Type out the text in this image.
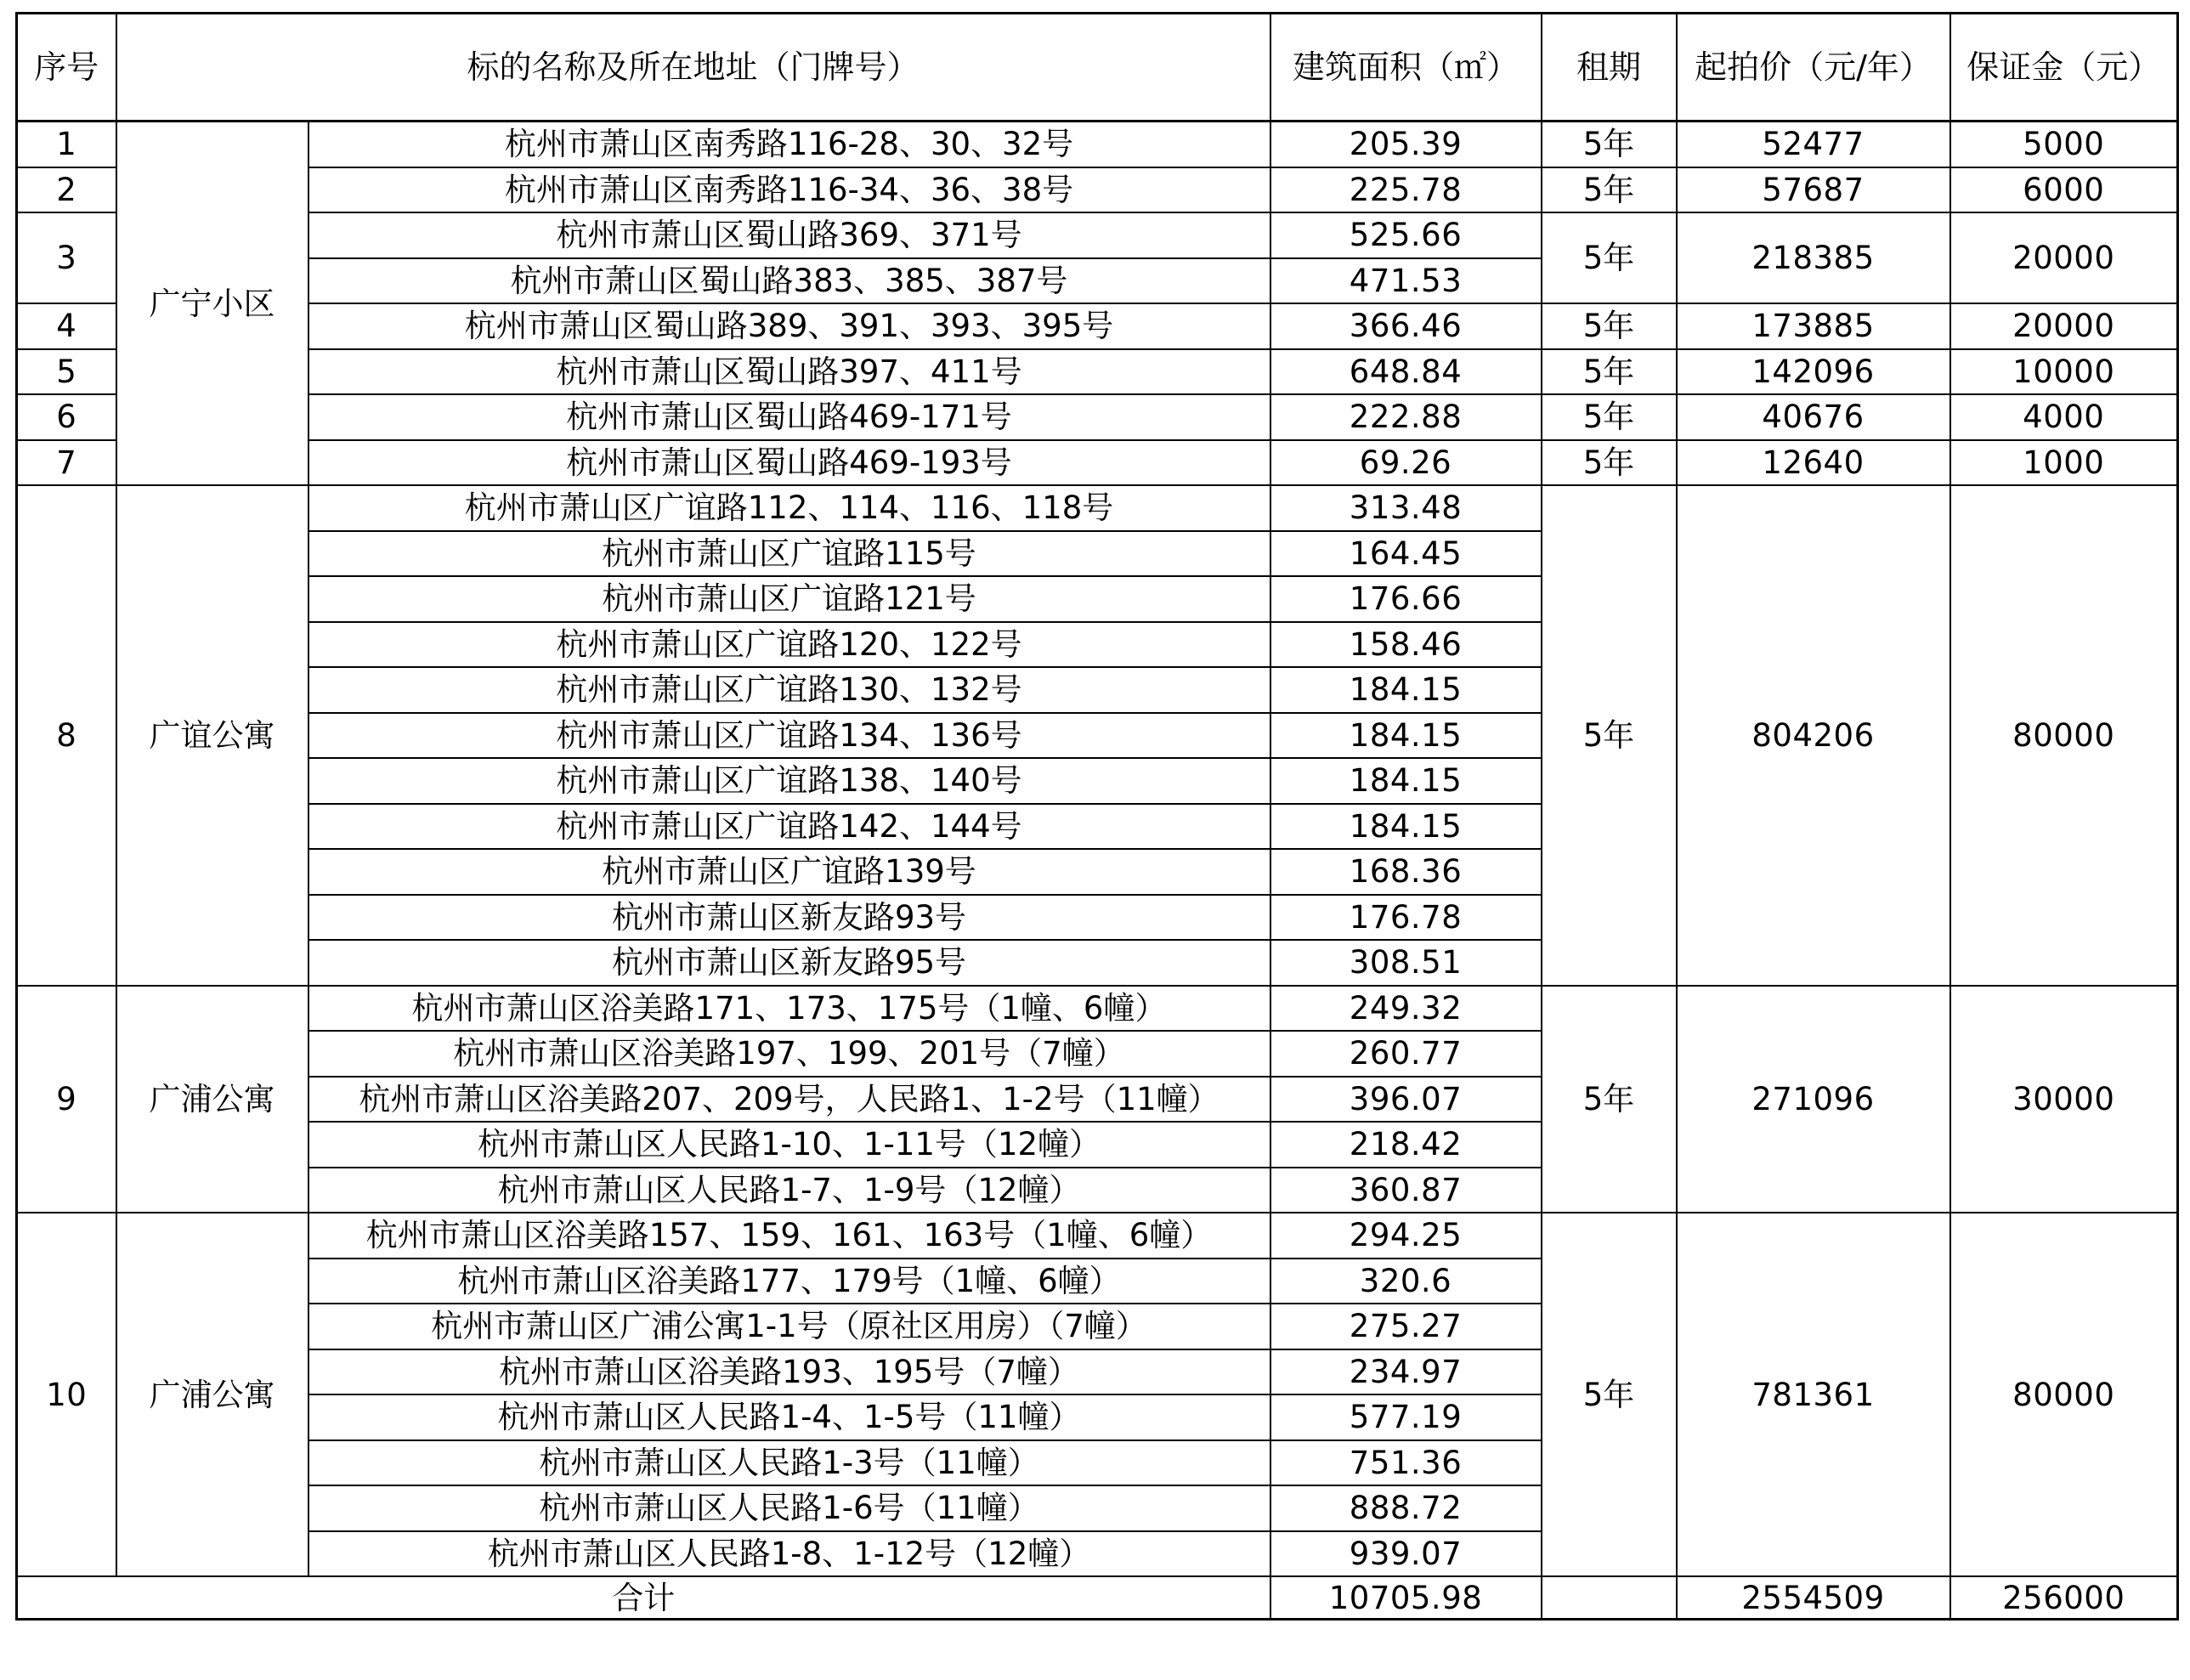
序号	标的名称及所在地址（门牌号）		建筑面积（㎡）	租期	起拍价（元/年）	保证金（元）
1	广宁小区	杭州市萧山区南秀路116-28、30、32号	205.39	5年	52477	5000
2		杭州市萧山区南秀路116-34、36、38号	225.78	5年	57687	6000
3		杭州市萧山区蜀山路369、371号	525.66	5年	218385	20000
		杭州市萧山区蜀山路383、385、387号	471.53			
4		杭州市萧山区蜀山路389、391、393、395号	366.46	5年	173885	20000
5		杭州市萧山区蜀山路397、411号	648.84	5年	142096	10000
6		杭州市萧山区蜀山路469-171号	222.88	5年	40676	4000
7		杭州市萧山区蜀山路469-193号	69.26	5年	12640	1000
8	广谊公寓	杭州市萧山区广谊路112、114、116、118号	313.48	5年	804206	80000
		杭州市萧山区广谊路115号	164.45			
		杭州市萧山区广谊路121号	176.66			
		杭州市萧山区广谊路120、122号	158.46			
		杭州市萧山区广谊路130、132号	184.15			
		杭州市萧山区广谊路134、136号	184.15			
		杭州市萧山区广谊路138、140号	184.15			
		杭州市萧山区广谊路142、144号	184.15			
		杭州市萧山区广谊路139号	168.36			
		杭州市萧山区新友路93号	176.78			
		杭州市萧山区新友路95号	308.51			
9	广浦公寓	杭州市萧山区浴美路171、173、175号（1幢、6幢）	249.32	5年	271096	30000
		杭州市萧山区浴美路197、199、201号（7幢）	260.77			
		杭州市萧山区浴美路207、209号，人民路1、1-2号（11幢）	396.07			
		杭州市萧山区人民路1-10、1-11号（12幢）	218.42			
		杭州市萧山区人民路1-7、1-9号（12幢）	360.87			
10	广浦公寓	杭州市萧山区浴美路157、159、161、163号（1幢、6幢）	294.25	5年	781361	80000
		杭州市萧山区浴美路177、179号（1幢、6幢）	320.6			
		杭州市萧山区广浦公寓1-1号（原社区用房）（7幢）	275.27			
		杭州市萧山区浴美路193、195号（7幢）	234.97			
		杭州市萧山区人民路1-4、1-5号（11幢）	577.19			
		杭州市萧山区人民路1-3号（11幢）	751.36			
		杭州市萧山区人民路1-6号（11幢）	888.72			
		杭州市萧山区人民路1-8、1-12号（12幢）	939.07			
合计			10705.98		2554509	256000
